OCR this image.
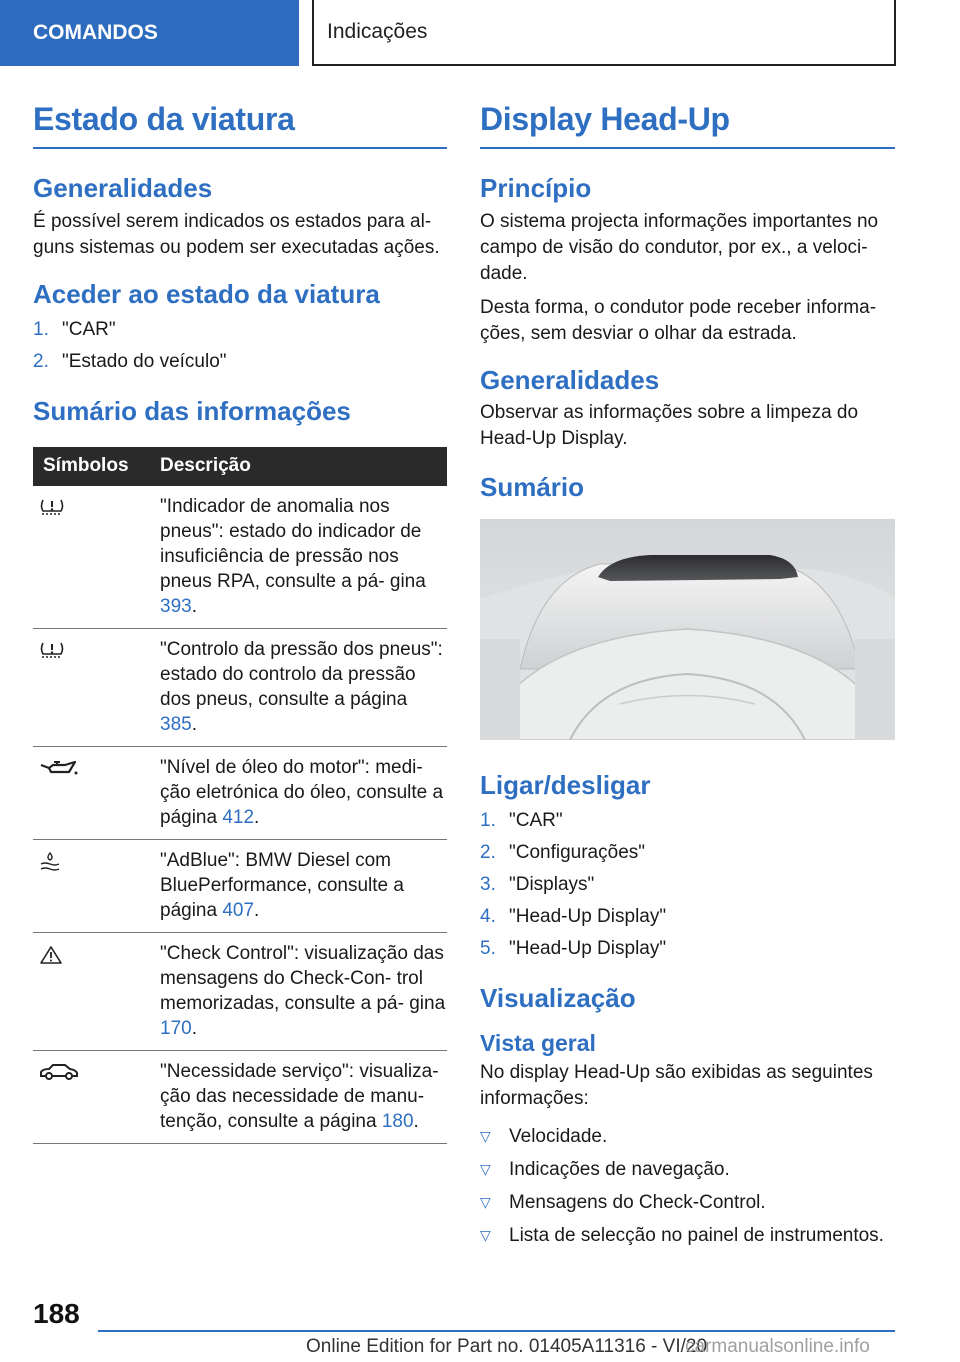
COMANDOS	Indicações
Estado da viatura
Generalidades

É possível serem indicados os estados para al‐ guns sistemas ou podem ser executadas ações.

Aceder ao estado da viatura
1. "CAR"
2. "Estado do veículo"
Sumário das informações
Símbolos	Descrição
	"Indicador de anomalia nos pneus": estado do indicador de insuficiência de pressão nos pneus RPA, consulte a pá‐ gina 393.
	"Controlo da pressão dos pneus": estado do controlo da pressão dos pneus, consulte a página 385.
	"Nível de óleo do motor": medi‐ ção eletrónica do óleo, consulte a página 412.
	"AdBlue": BMW Diesel com BluePerformance, consulte a página 407.
	"Check Control": visualização das mensagens do Check-Con‐ trol memorizadas, consulte a pá‐ gina 170.
	"Necessidade serviço": visualiza‐ ção das necessidade de manu‐ tenção, consulte a página 180.
Display Head-Up
Princípio

O sistema projecta informações importantes no campo de visão do condutor, por ex., a veloci‐ dade.

Desta forma, o condutor pode receber informa‐ ções, sem desviar o olhar da estrada.

Generalidades

Observar as informações sobre a limpeza do Head-Up Display.

Sumário
Ligar/desligar
1. "CAR"
2. "Configurações"
3. "Displays"
4. "Head-Up Display"
5. "Head-Up Display"
Visualização
Vista geral

No display Head-Up são exibidas as seguintes informações:

▽ Velocidade.
▽ Indicações de navegação.
▽ Mensagens do Check-Control.
▽ Lista de selecção no painel de instrumentos.
188
Online Edition for Part no. 01405A11316 - VI/20
carmanualsonline.info
